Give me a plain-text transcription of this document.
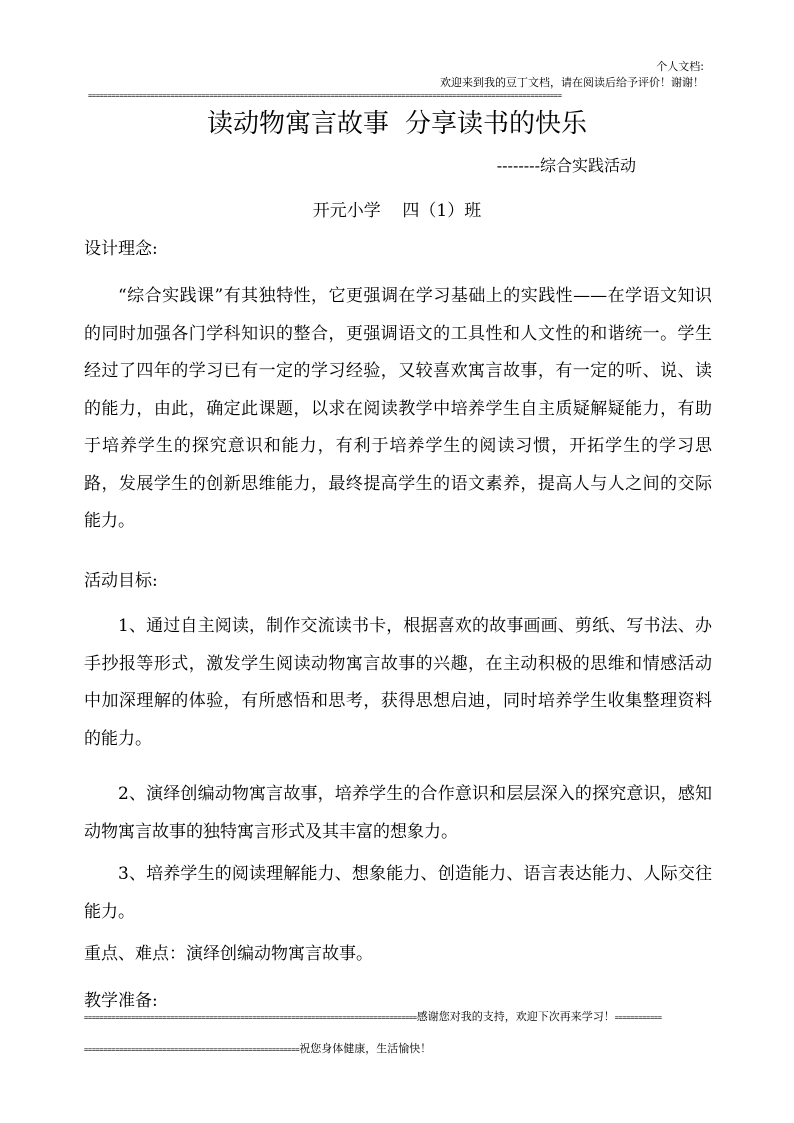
个人文档:
欢迎来到我的豆丁文档，请在阅读后给予评价！谢谢！
=========================================================================================================================
读动物寓言故事 分享读书的快乐
--------综合实践活动
开元小学    四（1）班
设计理念:

“综合实践课”有其独特性，它更强调在学习基础上的实践性——在学语文知识的同时加强各门学科知识的整合，更强调语文的工具性和人文性的和谐统一。学生经过了四年的学习已有一定的学习经验，又较喜欢寓言故事，有一定的听、说、读的能力，由此，确定此课题，以求在阅读教学中培养学生自主质疑解疑能力，有助于培养学生的探究意识和能力，有利于培养学生的阅读习惯，开拓学生的学习思路，发展学生的创新思维能力，最终提高学生的语文素养，提高人与人之间的交际能力。

活动目标:

1、通过自主阅读，制作交流读书卡，根据喜欢的故事画画、剪纸、写书法、办手抄报等形式，激发学生阅读动物寓言故事的兴趣，在主动积极的思维和情感活动中加深理解的体验，有所感悟和思考，获得思想启迪，同时培养学生收集整理资料的能力。

2、演绎创编动物寓言故事，培养学生的合作意识和层层深入的探究意识，感知动物寓言故事的独特寓言形式及其丰富的想象力。

3、培养学生的阅读理解能力、想象能力、创造能力、语言表达能力、人际交往能力。

重点、难点：演绎创编动物寓言故事。

教学准备:
=====================================================================================感谢您对我的支持，欢迎下次再来学习！============
=======================================================祝您身体健康，生活愉快！
